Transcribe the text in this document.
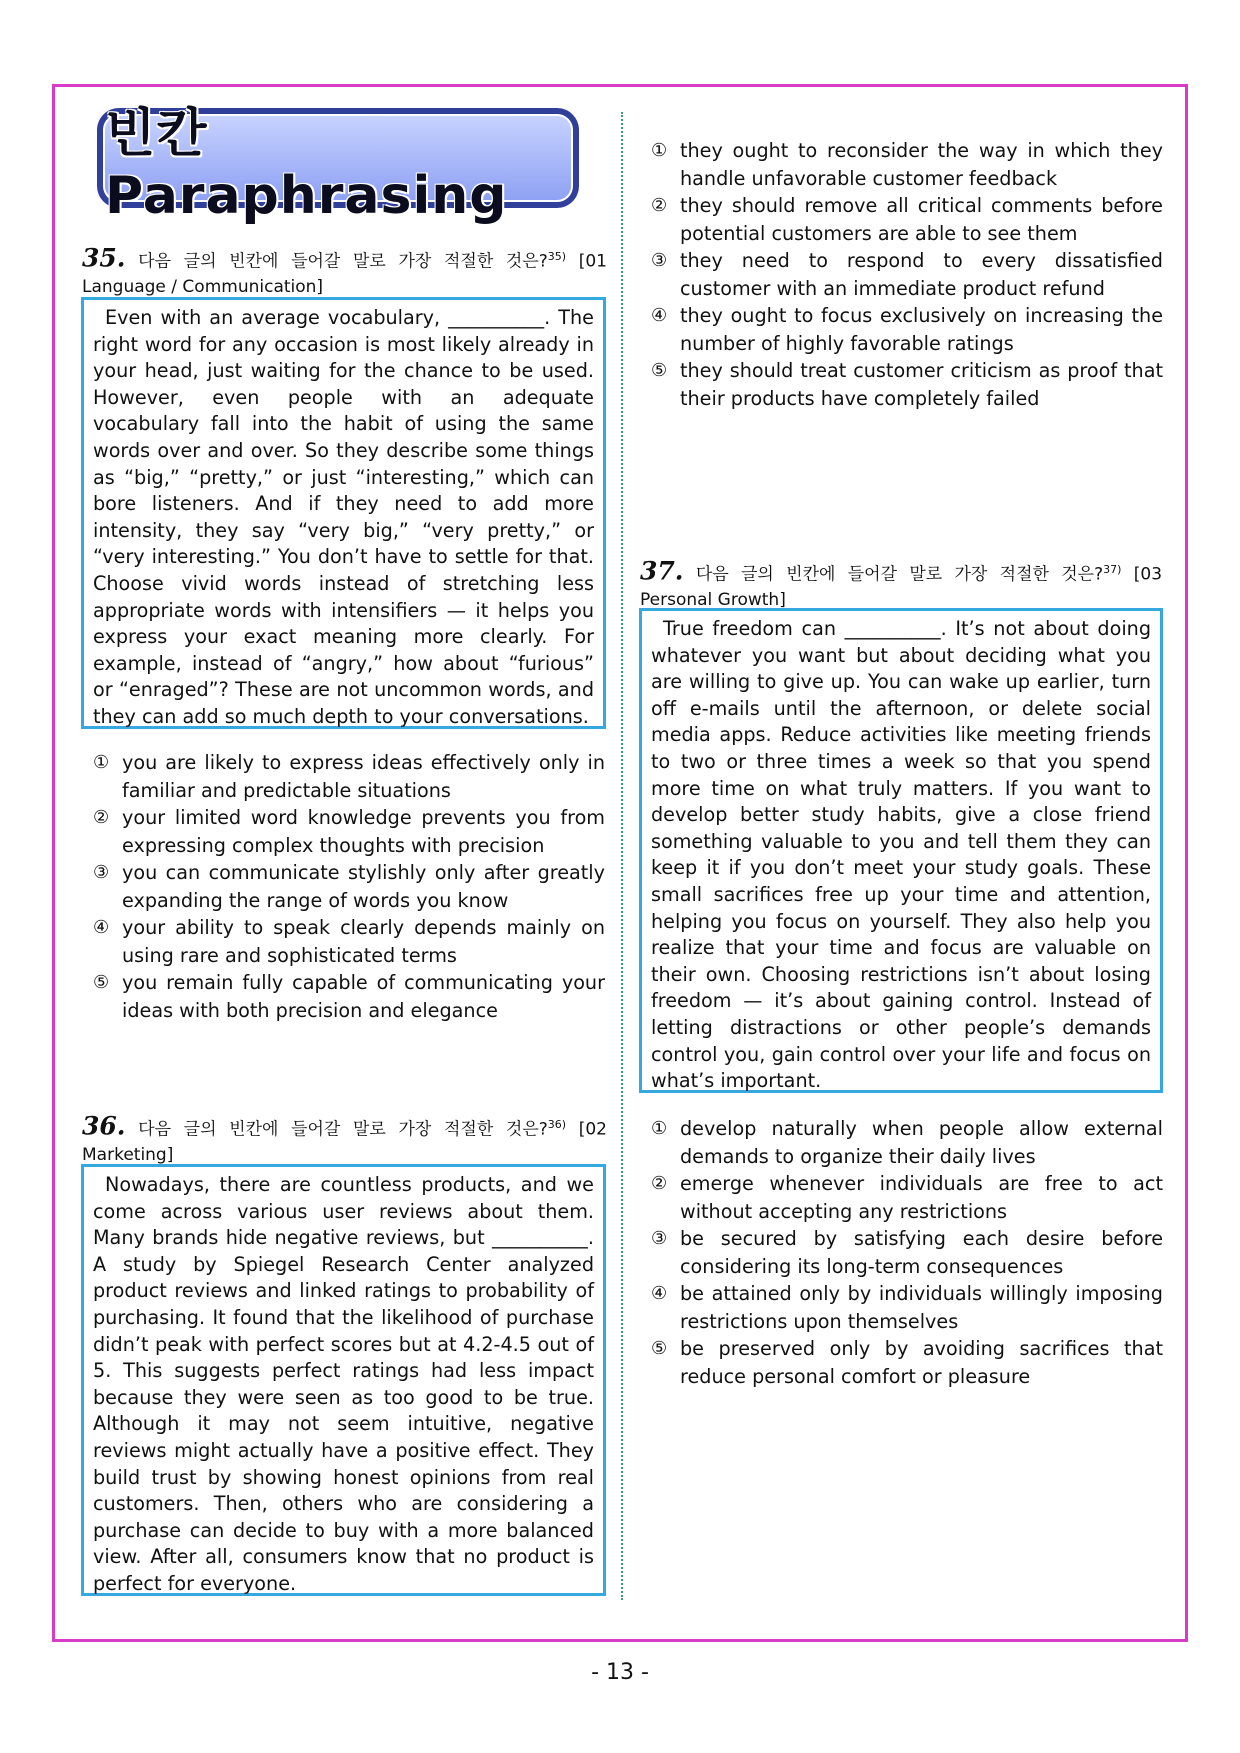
빈칸 Paraphrasing
35. 다음 글의 빈칸에 들어갈 말로 가장 적절한 것은?$^{35)}$ [01 Language / Communication]

Even with an average vocabulary, __________. The right word for any occasion is most likely already in your head, just waiting for the chance to be used. However, even people with an adequate vocabulary fall into the habit of using the same words over and over. So they describe some things as “big,” “pretty,” or just “interesting,” which can bore listeners. And if they need to add more intensity, they say “very big,” “very pretty,” or “very interesting.” You don’t have to settle for that. Choose vivid words instead of stretching less appropriate words with intensifiers — it helps you express your exact meaning more clearly. For example, instead of “angry,” how about “furious” or “enraged”? These are not uncommon words, and they can add so much depth to your conversations.

① you are likely to express ideas effectively only in familiar and predictable situations
② your limited word knowledge prevents you from expressing complex thoughts with precision
③ you can communicate stylishly only after greatly expanding the range of words you know
④ your ability to speak clearly depends mainly on using rare and sophisticated terms
⑤ you remain fully capable of communicating your ideas with both precision and elegance
36. 다음 글의 빈칸에 들어갈 말로 가장 적절한 것은?$^{36)}$ [02 Marketing]

Nowadays, there are countless products, and we come across various user reviews about them. Many brands hide negative reviews, but __________. A study by Spiegel Research Center analyzed product reviews and linked ratings to probability of purchasing. It found that the likelihood of purchase didn’t peak with perfect scores but at 4.2-4.5 out of 5. This suggests perfect ratings had less impact because they were seen as too good to be true. Although it may not seem intuitive, negative reviews might actually have a positive effect. They build trust by showing honest opinions from real customers. Then, others who are considering a purchase can decide to buy with a more balanced view. After all, consumers know that no product is perfect for everyone.

① they ought to reconsider the way in which they handle unfavorable customer feedback
② they should remove all critical comments before potential customers are able to see them
③ they need to respond to every dissatisfied customer with an immediate product refund
④ they ought to focus exclusively on increasing the number of highly favorable ratings
⑤ they should treat customer criticism as proof that their products have completely failed
37. 다음 글의 빈칸에 들어갈 말로 가장 적절한 것은?$^{37)}$ [03 Personal Growth]

True freedom can __________. It’s not about doing whatever you want but about deciding what you are willing to give up. You can wake up earlier, turn off e-mails until the afternoon, or delete social media apps. Reduce activities like meeting friends to two or three times a week so that you spend more time on what truly matters. If you want to develop better study habits, give a close friend something valuable to you and tell them they can keep it if you don’t meet your study goals. These small sacrifices free up your time and attention, helping you focus on yourself. They also help you realize that your time and focus are valuable on their own. Choosing restrictions isn’t about losing freedom — it’s about gaining control. Instead of letting distractions or other people’s demands control you, gain control over your life and focus on what’s important.

① develop naturally when people allow external demands to organize their daily lives
② emerge whenever individuals are free to act without accepting any restrictions
③ be secured by satisfying each desire before considering its long-term consequences
④ be attained only by individuals willingly imposing restrictions upon themselves
⑤ be preserved only by avoiding sacrifices that reduce personal comfort or pleasure
- 13 -
